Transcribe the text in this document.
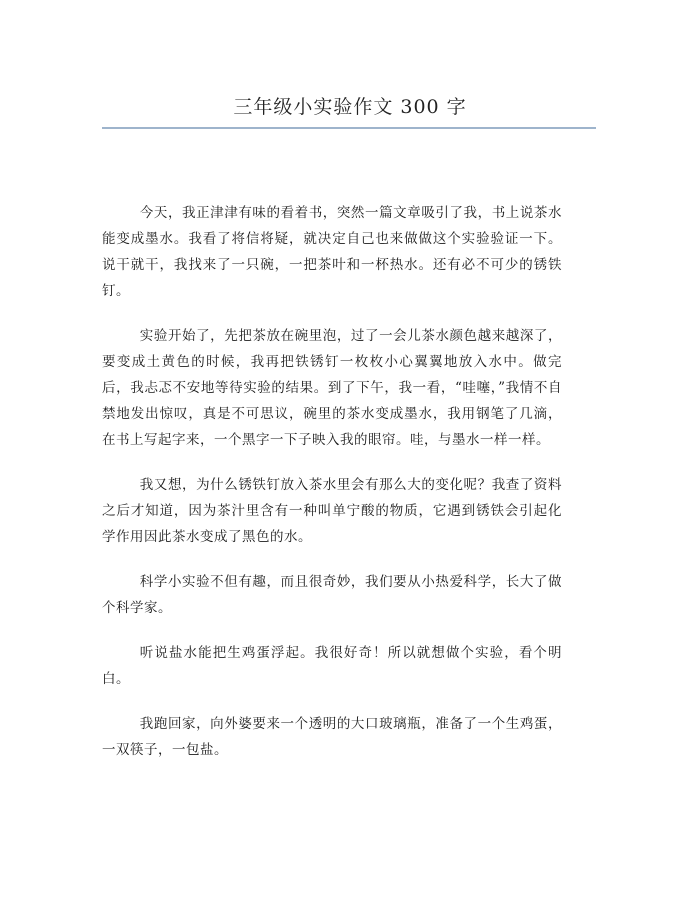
三年级小实验作文 300 字

今天，我正津津有味的看着书，突然一篇文章吸引了我，书上说茶水能变成墨水。我看了将信将疑，就决定自己也来做做这个实验验证一下。说干就干，我找来了一只碗，一把茶叶和一杯热水。还有必不可少的锈铁钉。

实验开始了，先把茶放在碗里泡，过了一会儿茶水颜色越来越深了，要变成土黄色的时候，我再把铁锈钉一枚枚小心翼翼地放入水中。做完后，我忐忑不安地等待实验的结果。到了下午，我一看，“哇噻，”我情不自禁地发出惊叹，真是不可思议，碗里的茶水变成墨水，我用钢笔了几滴，在书上写起字来，一个黑字一下子映入我的眼帘。哇，与墨水一样一样。

我又想，为什么锈铁钉放入茶水里会有那么大的变化呢？我查了资料之后才知道，因为茶汁里含有一种叫单宁酸的物质，它遇到锈铁会引起化学作用因此茶水变成了黑色的水。

科学小实验不但有趣，而且很奇妙，我们要从小热爱科学，长大了做个科学家。

听说盐水能把生鸡蛋浮起。我很好奇！所以就想做个实验，看个明白。

我跑回家，向外婆要来一个透明的大口玻璃瓶，准备了一个生鸡蛋，一双筷子，一包盐。
